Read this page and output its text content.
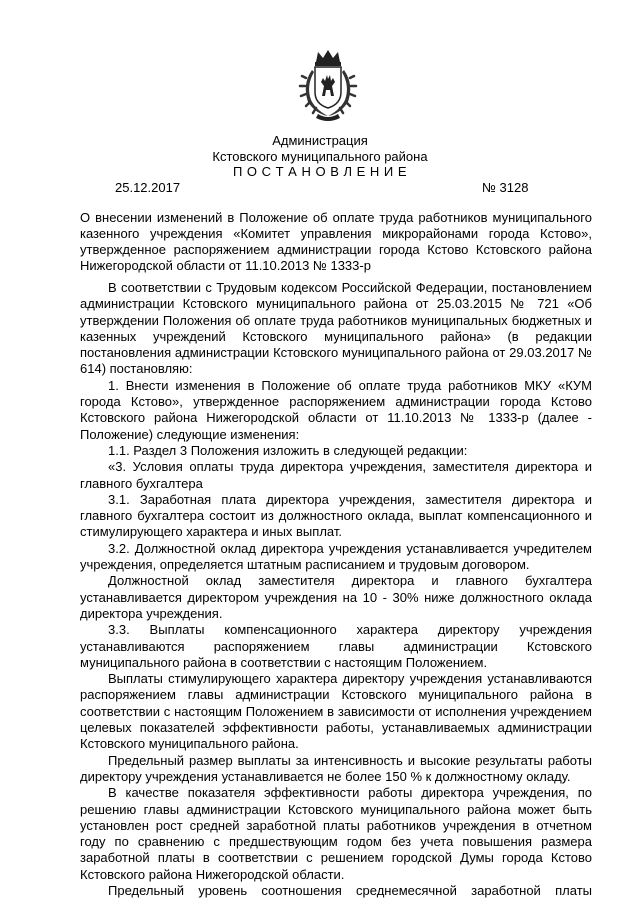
Администрация
Кстовского муниципального района
П О С Т А Н О В Л Е Н И Е
25.12.2017	№ 3128

О внесении изменений в Положение об оплате труда работников муниципального казенного учреждения «Комитет управления микрорайонами города Кстово», утвержденное распоряжением администрации города Кстово Кстовского района Нижегородской области от 11.10.2013 № 1333-р

В соответствии с Трудовым кодексом Российской Федерации, постановлением администрации Кстовского муниципального района от 25.03.2015 № 721 «Об утверждении Положения об оплате труда работников муниципальных бюджетных и казенных учреждений Кстовского муниципального района» (в редакции постановления администрации Кстовского муниципального района от 29.03.2017 № 614) постановляю:

1. Внести изменения в Положение об оплате труда работников МКУ «КУМ города Кстово», утвержденное распоряжением администрации города Кстово Кстовского района Нижегородской области от 11.10.2013 № 1333-р (далее - Положение) следующие изменения:

1.1. Раздел 3 Положения изложить в следующей редакции:

«3. Условия оплаты труда директора учреждения, заместителя директора и главного бухгалтера

3.1. Заработная плата директора учреждения, заместителя директора и главного бухгалтера состоит из должностного оклада, выплат компенсационного и стимулирующего характера и иных выплат.

3.2. Должностной оклад директора учреждения устанавливается учредителем учреждения, определяется штатным расписанием и трудовым договором.

Должностной оклад заместителя директора и главного бухгалтера устанавливается директором учреждения на 10 - 30% ниже должностного оклада директора учреждения.

3.3. Выплаты компенсационного характера директору учреждения устанавливаются распоряжением главы администрации Кстовского муниципального района в соответствии с настоящим Положением.

Выплаты стимулирующего характера директору учреждения устанавливаются распоряжением главы администрации Кстовского муниципального района в соответствии с настоящим Положением в зависимости от исполнения учреждением целевых показателей эффективности работы, устанавливаемых администрации Кстовского муниципального района.

Предельный размер выплаты за интенсивность и высокие результаты работы директору учреждения устанавливается не более 150 % к должностному окладу.

В качестве показателя эффективности работы директора учреждения, по решению главы администрации Кстовского муниципального района может быть установлен рост средней заработной платы работников учреждения в отчетном году по сравнению с предшествующим годом без учета повышения размера заработной платы в соответствии с решением городской Думы города Кстово Кстовского района Нижегородской области.

Предельный уровень соотношения среднемесячной заработной платы
